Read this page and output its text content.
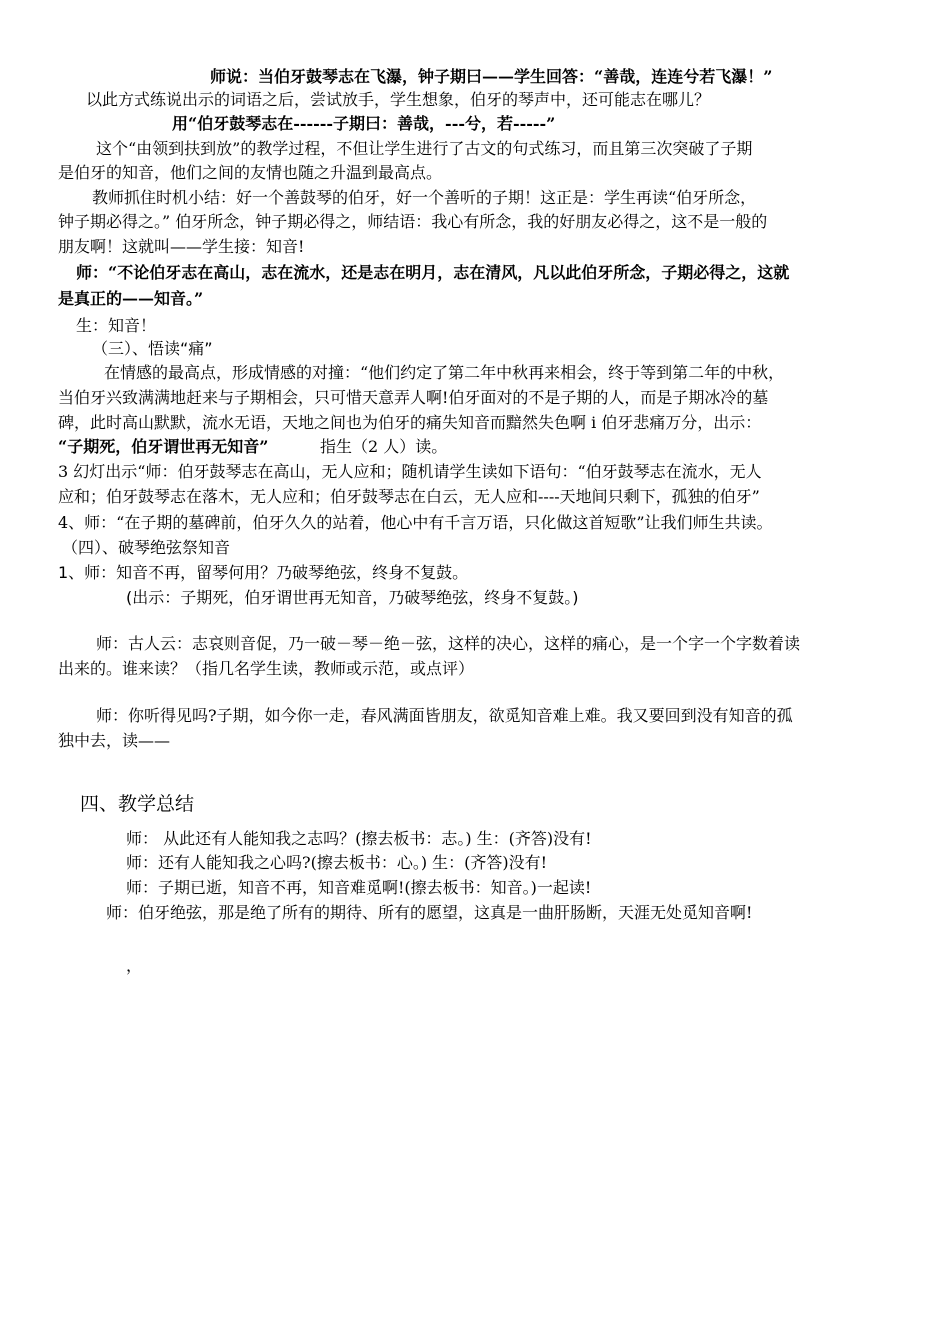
师说：当伯牙鼓琴志在飞瀑，钟子期曰——学生回答：“善哉，连连兮若飞瀑！”
以此方式练说出示的词语之后，尝试放手，学生想象，伯牙的琴声中，还可能志在哪儿？
用“伯牙鼓琴志在------子期曰：善哉，---兮，若-----”
这个“由领到扶到放”的教学过程，不但让学生进行了古文的句式练习，而且第三次突破了子期
是伯牙的知音，他们之间的友情也随之升温到最高点。
教师抓住时机小结：好一个善鼓琴的伯牙，好一个善听的子期！这正是：学生再读“伯牙所念，
钟子期必得之。” 伯牙所念，钟子期必得之，师结语：我心有所念，我的好朋友必得之，这不是一般的
朋友啊！这就叫——学生接：知音!
师：“不论伯牙志在高山，志在流水，还是志在明月，志在清风，凡以此伯牙所念，子期必得之，这就
是真正的——知音。”
生：知音！
（三）、悟读“痛”
在情感的最高点，形成情感的对撞：“他们约定了第二年中秋再来相会，终于等到第二年的中秋，
当伯牙兴致满满地赶来与子期相会，只可惜天意弄人啊!伯牙面对的不是子期的人，而是子期冰冷的墓
碑，此时高山默默，流水无语，天地之间也为伯牙的痛失知音而黯然失色啊 i 伯牙悲痛万分，出示：
“子期死，伯牙谓世再无知音”	指生（2 人）读。
3 幻灯出示“师：伯牙鼓琴志在高山，无人应和；随机请学生读如下语句：“伯牙鼓琴志在流水，无人
应和；伯牙鼓琴志在落木，无人应和；伯牙鼓琴志在白云，无人应和----天地间只剩下，孤独的伯牙”
4、师：“在子期的墓碑前，伯牙久久的站着，他心中有千言万语，只化做这首短歌”让我们师生共读。
（四）、破琴绝弦祭知音
1、师：知音不再，留琴何用？乃破琴绝弦，终身不复鼓。
(出示：子期死，伯牙谓世再无知音，乃破琴绝弦，终身不复鼓。)
师：古人云：志哀则音促，乃一破－琴－绝－弦，这样的决心，这样的痛心，是一个字一个字数着读
出来的。谁来读？（指几名学生读，教师或示范，或点评）
师：你听得见吗?子期，如今你一走，春风满面皆朋友，欲觅知音难上难。我又要回到没有知音的孤
独中去，读——
四、教学总结
师： 从此还有人能知我之志吗？(擦去板书：志。) 生：(齐答)没有!
师：还有人能知我之心吗?(擦去板书：心。) 生：(齐答)没有!
师：子期已逝，知音不再，知音难觅啊!(擦去板书：知音。)一起读!
师：伯牙绝弦，那是绝了所有的期待、所有的愿望，这真是一曲肝肠断，天涯无处觅知音啊!
，
